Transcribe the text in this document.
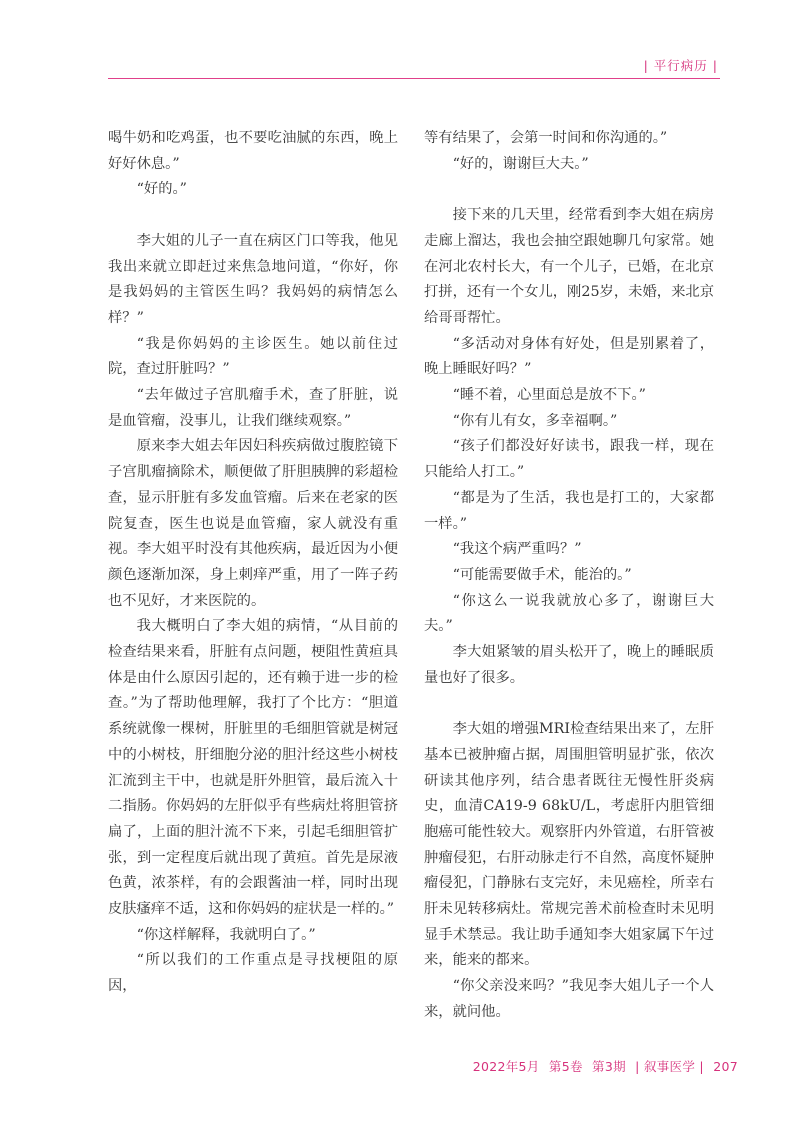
| 平行病历 |

喝牛奶和吃鸡蛋，也不要吃油腻的东西，晚上好好休息。”

“好的。”

李大姐的儿子一直在病区门口等我，他见我出来就立即赶过来焦急地问道，“你好，你是我妈妈的主管医生吗？我妈妈的病情怎么样？”

“我是你妈妈的主诊医生。她以前住过院，查过肝脏吗？”

“去年做过子宫肌瘤手术，查了肝脏，说是血管瘤，没事儿，让我们继续观察。”

原来李大姐去年因妇科疾病做过腹腔镜下子宫肌瘤摘除术，顺便做了肝胆胰脾的彩超检查，显示肝脏有多发血管瘤。后来在老家的医院复查，医生也说是血管瘤，家人就没有重视。李大姐平时没有其他疾病，最近因为小便颜色逐渐加深，身上刺痒严重，用了一阵子药也不见好，才来医院的。

我大概明白了李大姐的病情，“从目前的检查结果来看，肝脏有点问题，梗阻性黄疸具体是由什么原因引起的，还有赖于进一步的检查。”为了帮助他理解，我打了个比方：“胆道系统就像一棵树，肝脏里的毛细胆管就是树冠中的小树枝，肝细胞分泌的胆汁经这些小树枝汇流到主干中，也就是肝外胆管，最后流入十二指肠。你妈妈的左肝似乎有些病灶将胆管挤扁了，上面的胆汁流不下来，引起毛细胆管扩张，到一定程度后就出现了黄疸。首先是尿液色黄，浓茶样，有的会跟酱油一样，同时出现皮肤瘙痒不适，这和你妈妈的症状是一样的。”

“你这样解释，我就明白了。”

“所以我们的工作重点是寻找梗阻的原因，

等有结果了，会第一时间和你沟通的。”

“好的，谢谢巨大夫。”

接下来的几天里，经常看到李大姐在病房走廊上溜达，我也会抽空跟她聊几句家常。她在河北农村长大，有一个儿子，已婚，在北京打拼，还有一个女儿，刚25岁，未婚，来北京给哥哥帮忙。

“多活动对身体有好处，但是别累着了，晚上睡眠好吗？”

“睡不着，心里面总是放不下。”

“你有儿有女，多幸福啊。”

“孩子们都没好好读书，跟我一样，现在只能给人打工。”

“都是为了生活，我也是打工的，大家都一样。”

“我这个病严重吗？”

“可能需要做手术，能治的。”

“你这么一说我就放心多了，谢谢巨大夫。”

李大姐紧皱的眉头松开了，晚上的睡眠质量也好了很多。

李大姐的增强MRI检查结果出来了，左肝基本已被肿瘤占据，周围胆管明显扩张，依次研读其他序列，结合患者既往无慢性肝炎病史，血清CA19-9 68kU/L，考虑肝内胆管细胞癌可能性较大。观察肝内外管道，右肝管被肿瘤侵犯，右肝动脉走行不自然，高度怀疑肿瘤侵犯，门静脉右支完好，未见癌栓，所幸右肝未见转移病灶。常规完善术前检查时未见明显手术禁忌。我让助手通知李大姐家属下午过来，能来的都来。

“你父亲没来吗？”我见李大姐儿子一个人来，就问他。

2022年5月 第5卷 第3期 | 叙事医学 | 207
